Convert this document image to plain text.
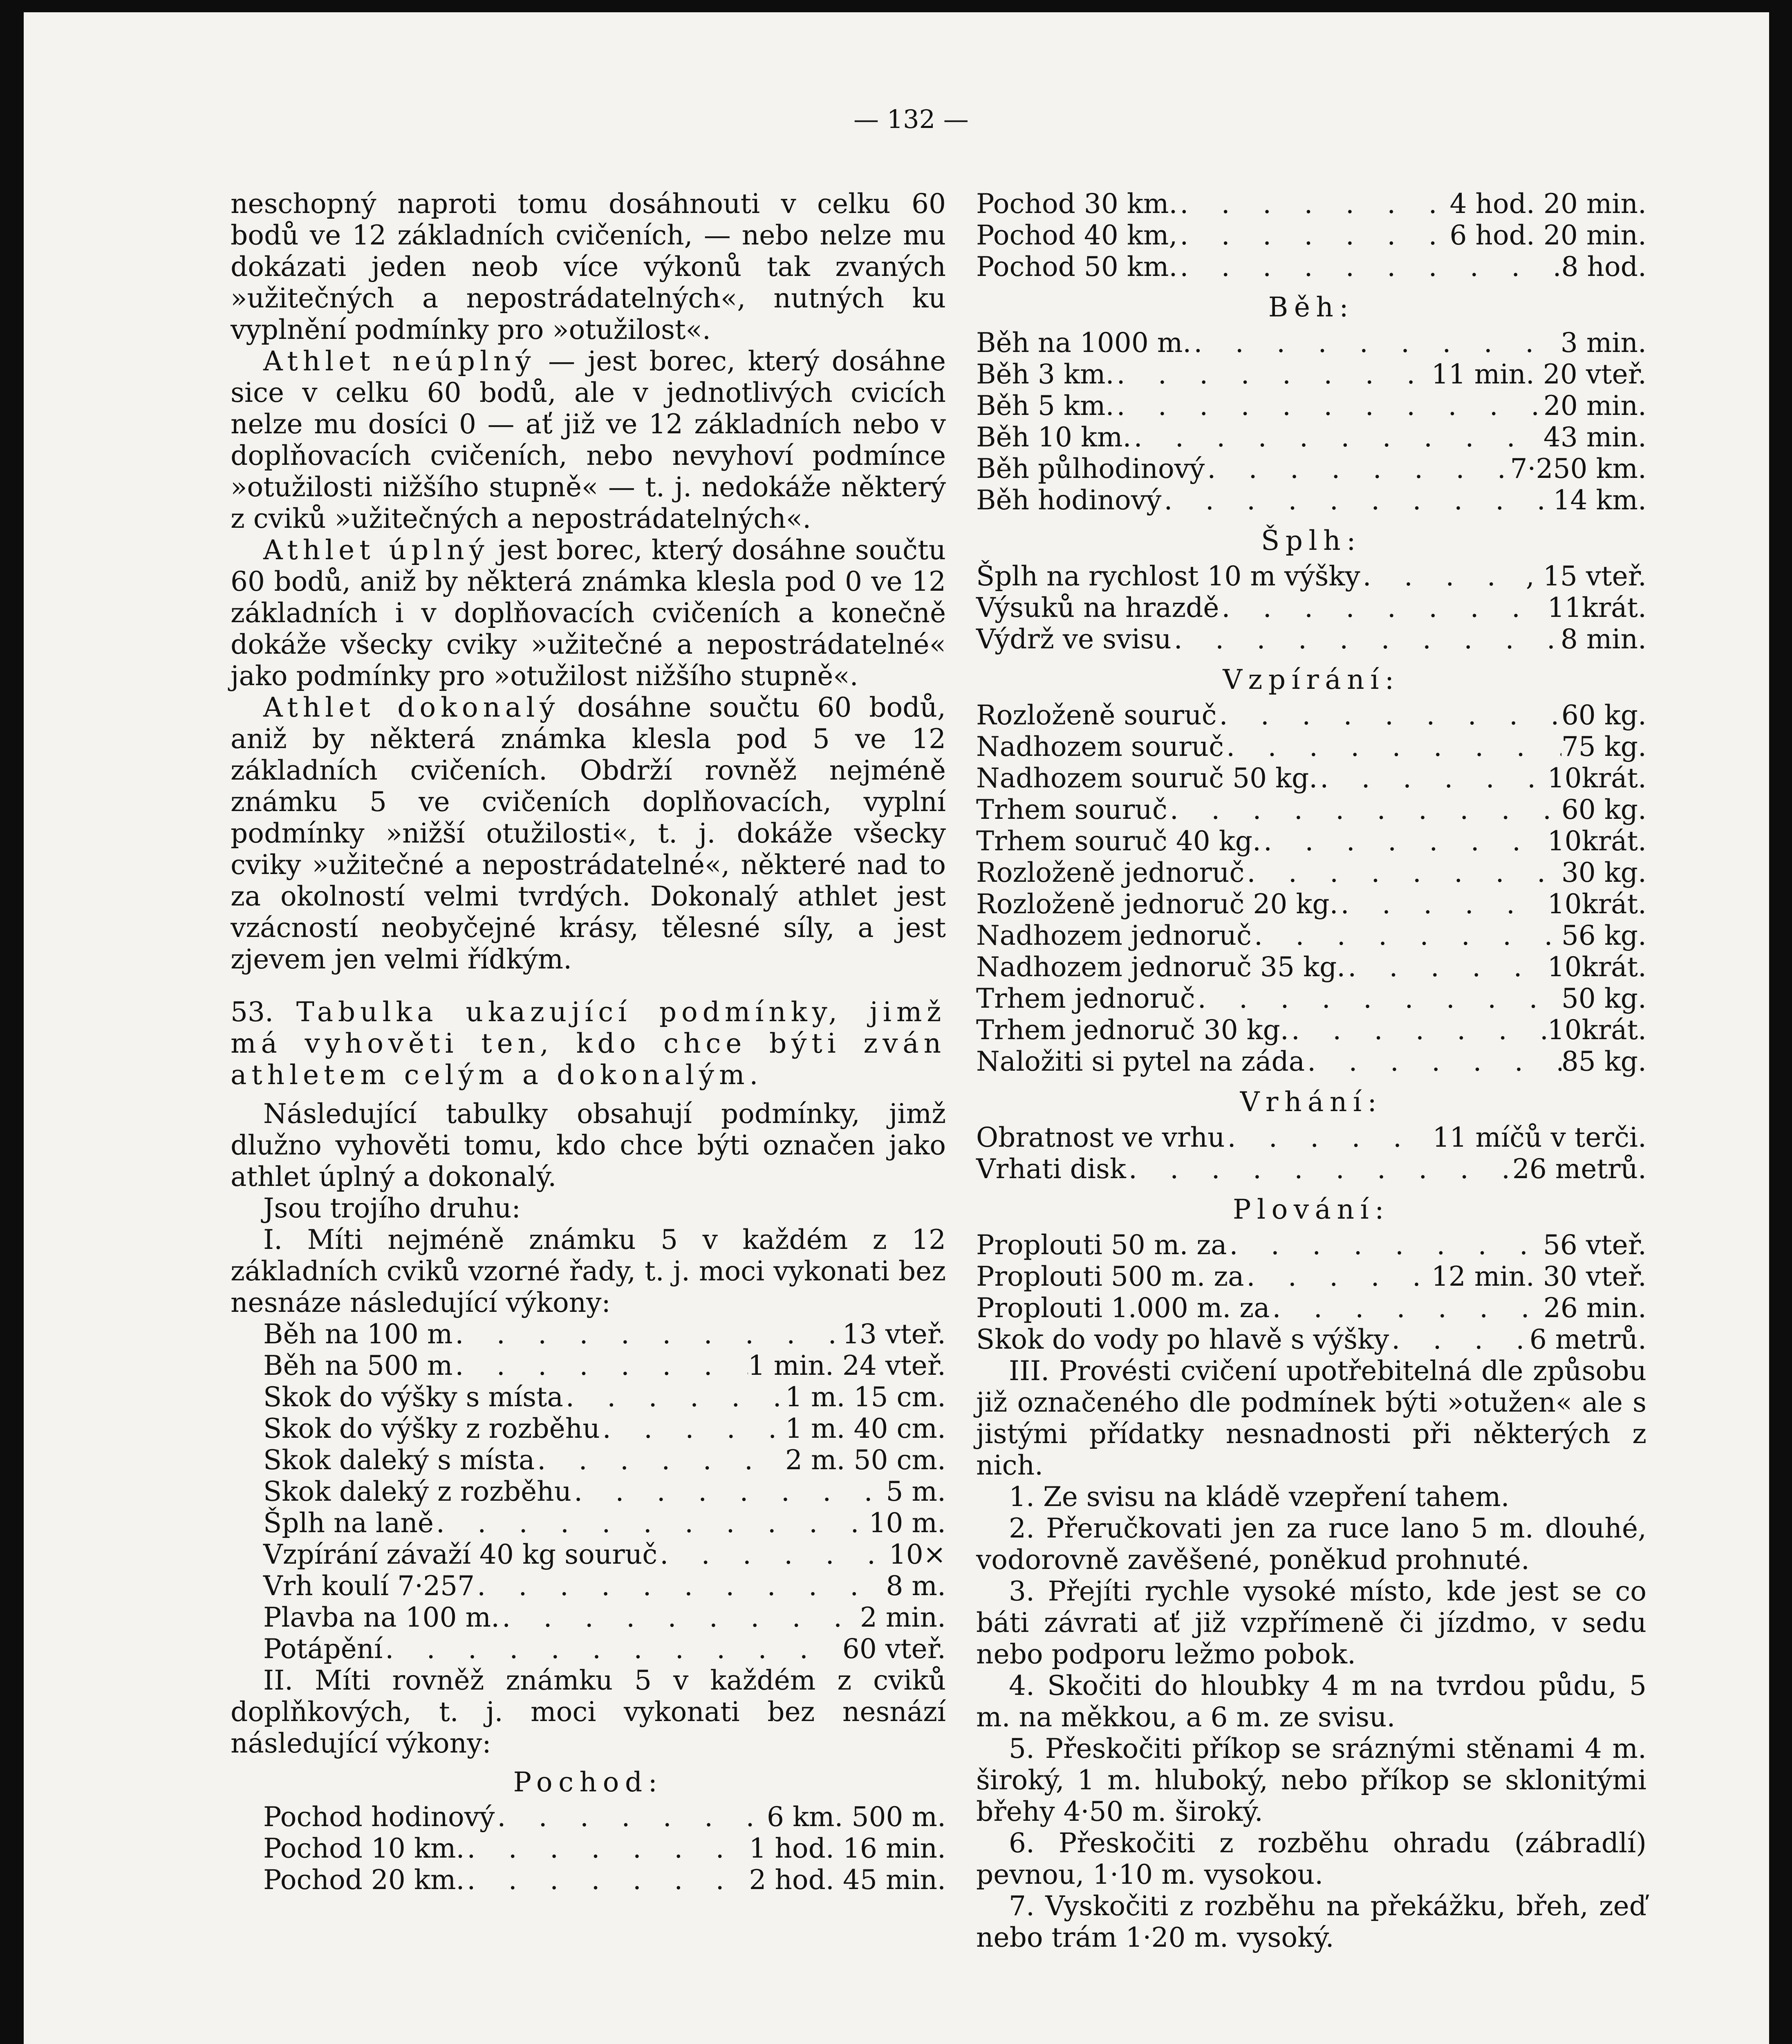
— 132 —

neschopný naproti tomu dosáhnouti v celku 60 bodů ve 12 základních cvičeních, — nebo nelze mu dokázati jeden neob více výkonů tak zvaných »užitečných a nepostrádatelných«, nutných ku vyplnění podmínky pro »otužilost«.

Athlet neúplný — jest borec, který dosáhne sice v celku 60 bodů, ale v jednotlivých cvicích nelze mu dosíci 0 — ať již ve 12 základních nebo v doplňovacích cvičeních, nebo nevyhoví podmínce »otužilosti nižšího stupně« — t. j. nedokáže některý z cviků »užitečných a nepostrádatelných«.

Athlet úplný jest borec, který dosáhne součtu 60 bodů, aniž by některá známka klesla pod 0 ve 12 základních i v doplňovacích cvičeních a konečně dokáže všecky cviky »užitečné a nepostrádatelné« jako podmínky pro »otužilost nižšího stupně«.

Athlet dokonalý dosáhne součtu 60 bodů, aniž by některá známka klesla pod 5 ve 12 základních cvičeních. Obdrží rovněž nejméně známku 5 ve cvičeních doplňovacích, vyplní podmínky »nižší otužilosti«, t. j. dokáže všecky cviky »užitečné a nepostrádatelné«, některé nad to za okolností velmi tvrdých. Dokonalý athlet jest vzácností neobyčejné krásy, tělesné síly, a jest zjevem jen velmi řídkým.

53. Tabulka ukazující podmínky, jimž má vyhověti ten, kdo chce býti zván athletem celým a dokonalým.

Následující tabulky obsahují podmínky, jimž dlužno vyhověti tomu, kdo chce býti označen jako athlet úplný a dokonalý.

Jsou trojího druhu:

I. Míti nejméně známku 5 v každém z 12 základních cviků vzorné řady, t. j. moci vykonati bez nesnáze následující výkony:

Běh na 100 m . . .	13 vteř.
Běh na 500 m . . .	1 min. 24 vteř.
Skok do výšky s místa . . .	1 m. 15 cm.
Skok do výšky z rozběhu . . .	1 m. 40 cm.
Skok daleký s místa . . .	2 m. 50 cm.
Skok daleký z rozběhu . . .	5 m.
Šplh na laně . . .	10 m.
Vzpírání závaží 40 kg souruč . . .	10×
Vrh koulí 7·257 . . .	8 m.
Plavba na 100 m. . . .	2 min.
Potápění . . .	60 vteř.

II. Míti rovněž známku 5 v každém z cviků doplňkových, t. j. moci vykonati bez nesnází následující výkony:

Pochod:
Pochod hodinový . . .	6 km. 500 m.
Pochod 10 km. . . .	1 hod. 16 min.
Pochod 20 km. . . .	2 hod. 45 min.
Pochod 30 km. . . .	4 hod. 20 min.
Pochod 40 km, . . .	6 hod. 20 min.
Pochod 50 km. . . .	8 hod.
Běh:
Běh na 1000 m. . . .	3 min.
Běh 3 km. . . .	11 min. 20 vteř.
Běh 5 km. . . .	20 min.
Běh 10 km. . . .	43 min.
Běh půlhodinový . . .	7·250 km.
Běh hodinový . . .	14 km.
Šplh:
Šplh na rychlost 10 m výšky . . .	, 15 vteř.
Výsuků na hrazdě . . .	11krát.
Výdrž ve svisu . . .	8 min.
Vzpírání:
Rozloženě souruč . . .	60 kg.
Nadhozem souruč . . .	75 kg.
Nadhozem souruč 50 kg. . . .	10krát.
Trhem souruč . . .	60 kg.
Trhem souruč 40 kg. . . .	10krát.
Rozloženě jednoruč . . .	30 kg.
Rozloženě jednoruč 20 kg. . . .	10krát.
Nadhozem jednoruč . . .	56 kg.
Nadhozem jednoruč 35 kg. . . .	10krát.
Trhem jednoruč . . .	50 kg.
Trhem jednoruč 30 kg. . . .	10krát.
Naložiti si pytel na záda . . .	85 kg.
Vrhání:
Obratnost ve vrhu . . .	11 míčů v terči.
Vrhati disk . . .	26 metrů.
Plování:
Proplouti 50 m. za . . .	56 vteř.
Proplouti 500 m. za . . .	12 min. 30 vteř.
Proplouti 1.000 m. za . . .	26 min.
Skok do vody po hlavě s výšky . . .	6 metrů.

III. Provésti cvičení upotřebitelná dle způsobu již označeného dle podmínek býti »otužen« ale s jistými přídatky nesnadnosti při některých z nich.

1. Ze svisu na kládě vzepření tahem.

2. Přeručkovati jen za ruce lano 5 m. dlouhé, vodorovně zavěšené, poněkud prohnuté.

3. Přejíti rychle vysoké místo, kde jest se co báti závrati ať již vzpřímeně či jízdmo, v sedu nebo podporu ležmo pobok.

4. Skočiti do hloubky 4 m na tvrdou půdu, 5 m. na měkkou, a 6 m. ze svisu.

5. Přeskočiti příkop se sráznými stěnami 4 m. široký, 1 m. hluboký, nebo příkop se sklonitými břehy 4·50 m. široký.

6. Přeskočiti z rozběhu ohradu (zábradlí) pevnou, 1·10 m. vysokou.

7. Vyskočiti z rozběhu na překážku, břeh, zeď nebo trám 1·20 m. vysoký.
